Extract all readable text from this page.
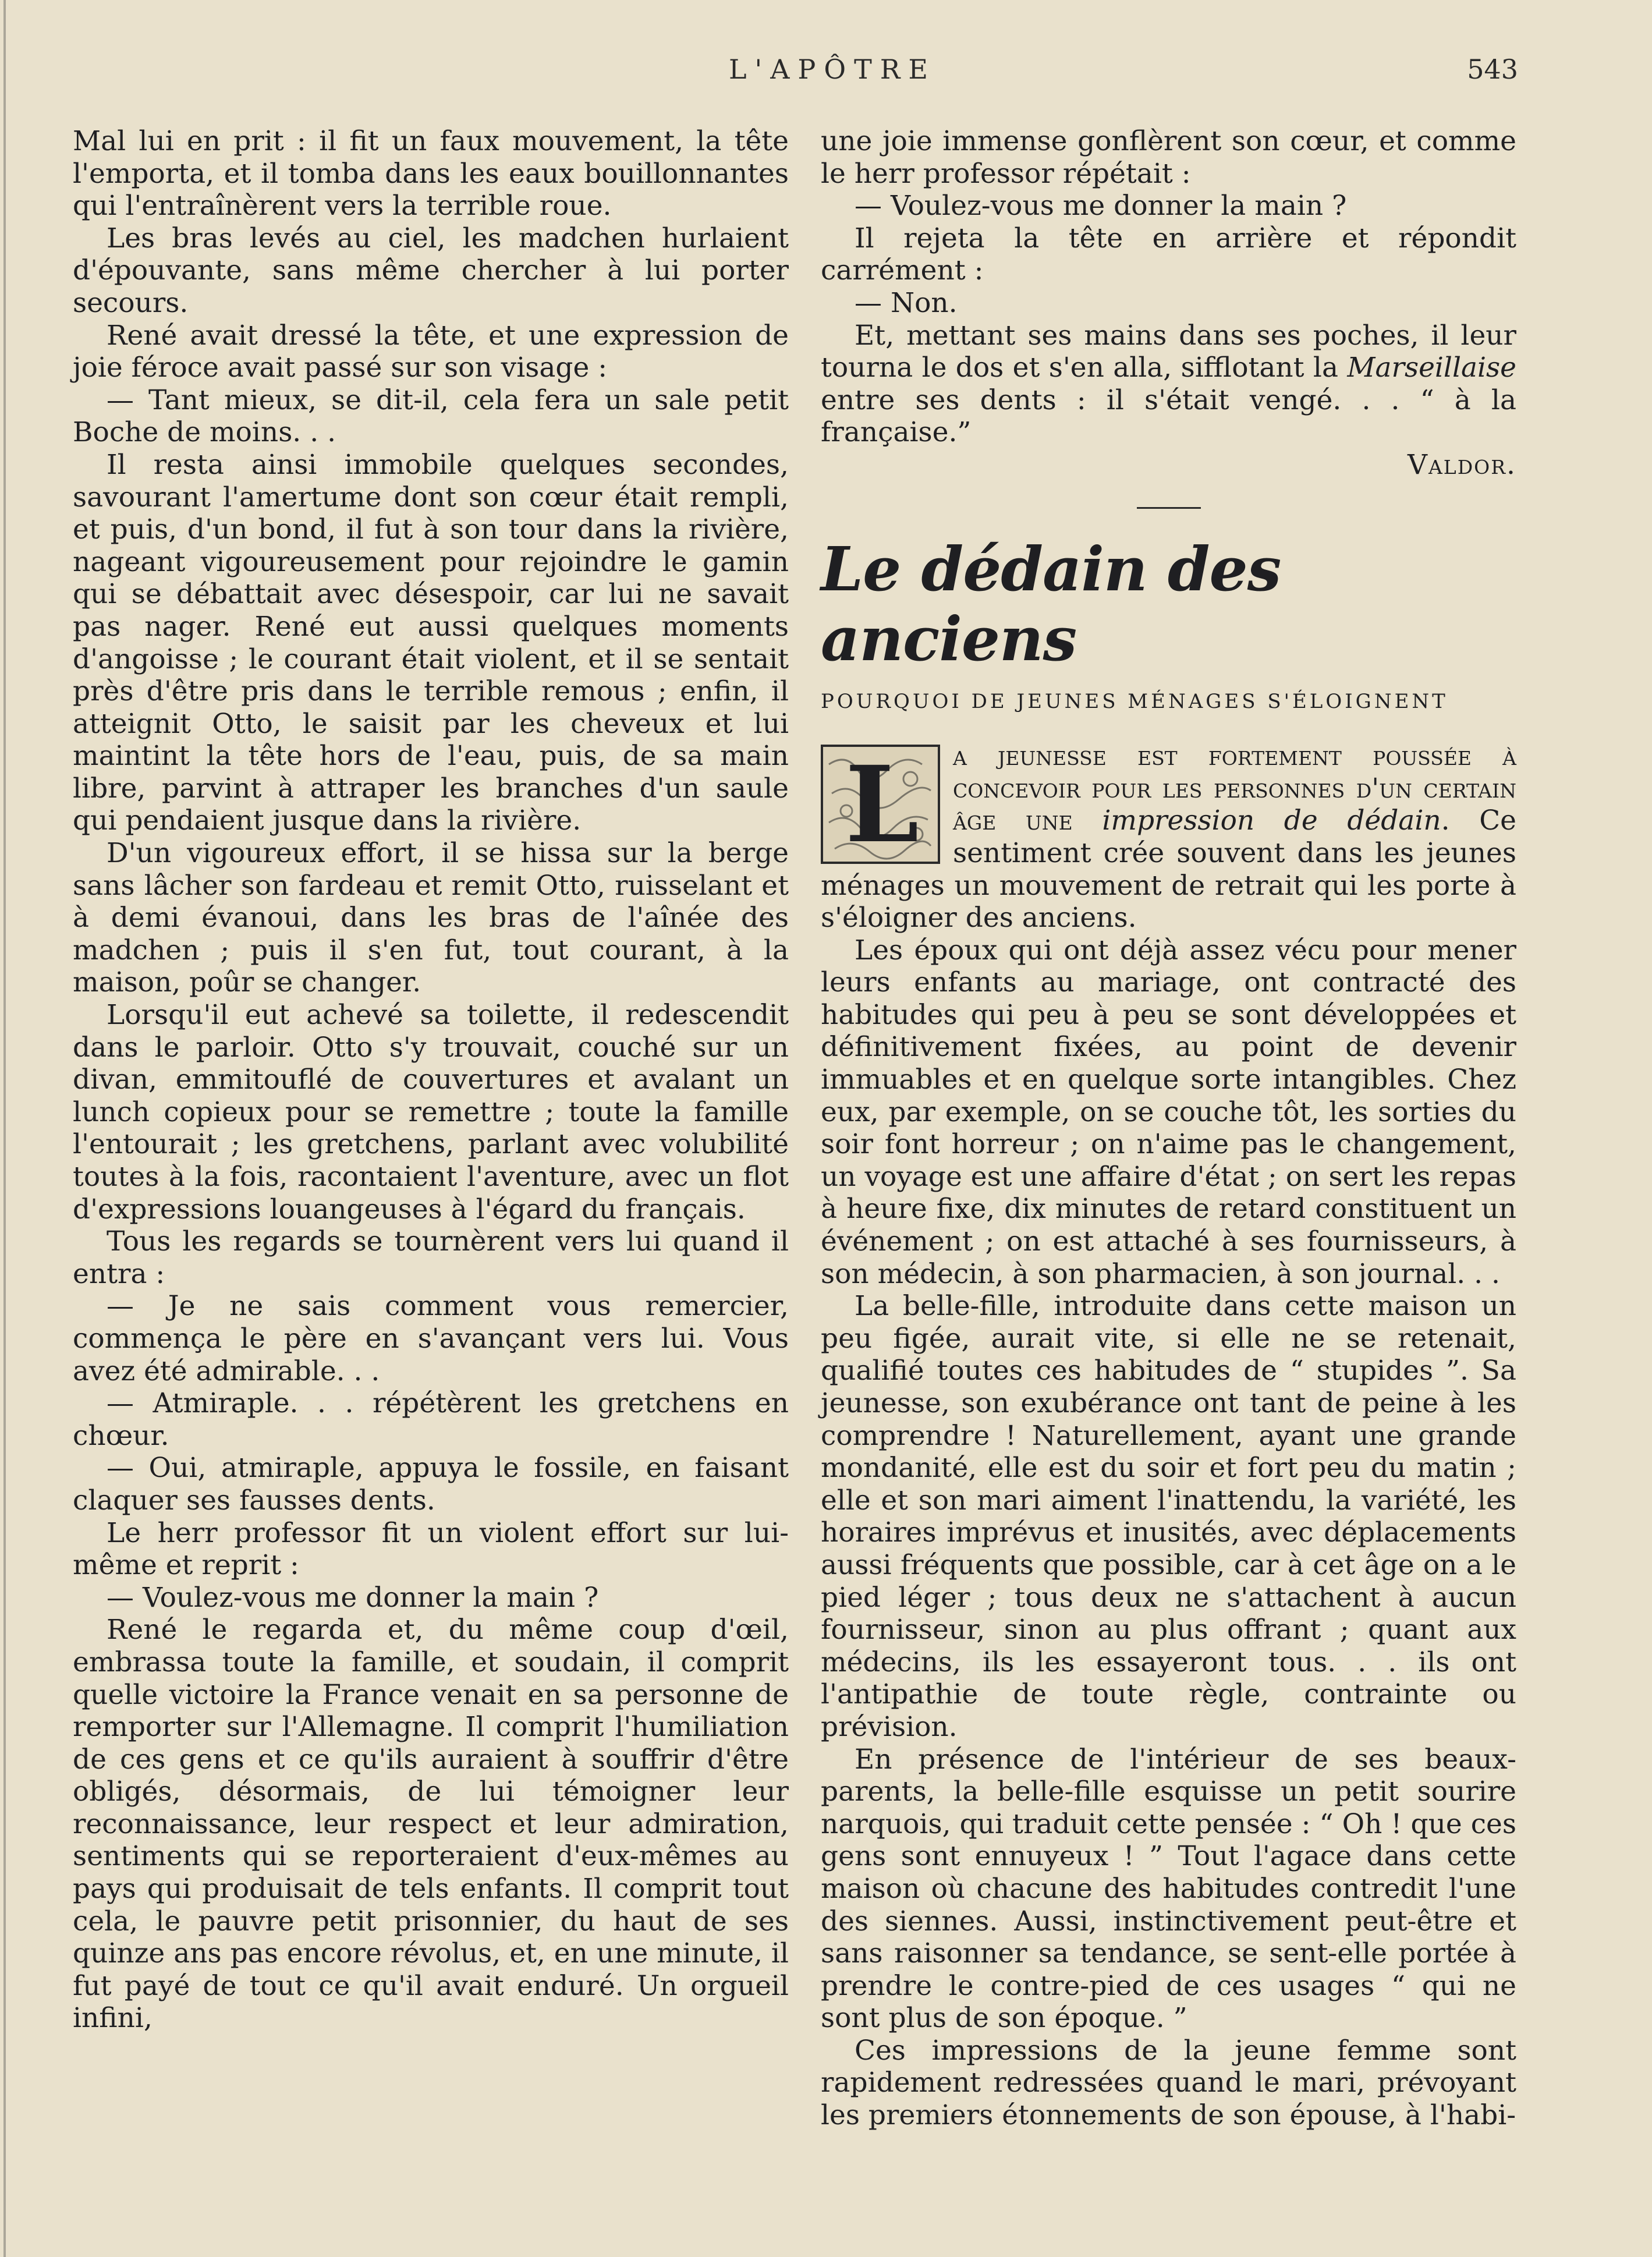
L'APÔTRE	543

Mal lui en prit : il fit un faux mouvement, la tête l'emporta, et il tomba dans les eaux bouillonnantes qui l'entraînèrent vers la terrible roue.

Les bras levés au ciel, les madchen hurlaient d'épouvante, sans même chercher à lui porter secours.

René avait dressé la tête, et une expression de joie féroce avait passé sur son visage :

— Tant mieux, se dit-il, cela fera un sale petit Boche de moins. . .

Il resta ainsi immobile quelques secondes, savourant l'amertume dont son cœur était rempli, et puis, d'un bond, il fut à son tour dans la rivière, nageant vigoureusement pour rejoindre le gamin qui se débattait avec désespoir, car lui ne savait pas nager. René eut aussi quelques moments d'angoisse ; le courant était violent, et il se sentait près d'être pris dans le terrible remous ; enfin, il atteignit Otto, le saisit par les cheveux et lui maintint la tête hors de l'eau, puis, de sa main libre, parvint à attraper les branches d'un saule qui pendaient jusque dans la rivière.

D'un vigoureux effort, il se hissa sur la berge sans lâcher son fardeau et remit Otto, ruisselant et à demi évanoui, dans les bras de l'aînée des madchen ; puis il s'en fut, tout courant, à la maison, poûr se changer.

Lorsqu'il eut achevé sa toilette, il redescendit dans le parloir. Otto s'y trouvait, couché sur un divan, emmitouflé de couvertures et avalant un lunch copieux pour se remettre ; toute la famille l'entourait ; les gretchens, parlant avec volubilité toutes à la fois, racontaient l'aventure, avec un flot d'expressions louangeuses à l'égard du français.

Tous les regards se tournèrent vers lui quand il entra :

— Je ne sais comment vous remercier, commença le père en s'avançant vers lui. Vous avez été admirable. . .

— Atmiraple. . . répétèrent les gretchens en chœur.

— Oui, atmiraple, appuya le fossile, en faisant claquer ses fausses dents.

Le herr professor fit un violent effort sur lui-même et reprit :

— Voulez-vous me donner la main ?

René le regarda et, du même coup d'œil, embrassa toute la famille, et soudain, il comprit quelle victoire la France venait en sa personne de remporter sur l'Allemagne. Il comprit l'humiliation de ces gens et ce qu'ils auraient à souffrir d'être obligés, désormais, de lui témoigner leur reconnaissance, leur respect et leur admiration, sentiments qui se reporteraient d'eux-mêmes au pays qui produisait de tels enfants. Il comprit tout cela, le pauvre petit prisonnier, du haut de ses quinze ans pas encore révolus, et, en une minute, il fut payé de tout ce qu'il avait enduré. Un orgueil infini,

une joie immense gonflèrent son cœur, et comme le herr professor répétait :

— Voulez-vous me donner la main ?

Il rejeta la tête en arrière et répondit carrément :

— Non.

Et, mettant ses mains dans ses poches, il leur tourna le dos et s'en alla, sifflotant la Marseillaise entre ses dents : il s'était vengé. . . “ à la française.”

Valdor.

Le dédain des anciens
POURQUOI DE JEUNES MÉNAGES S'ÉLOIGNENT
L	a jeunesse est fortement poussée à concevoir pour les personnes d'un certain âge une impression de dédain. Ce sentiment crée souvent dans les jeunes ménages un mouvement de retrait qui les porte à s'éloigner des anciens.

Les époux qui ont déjà assez vécu pour mener leurs enfants au mariage, ont contracté des habitudes qui peu à peu se sont développées et définitivement fixées, au point de devenir immuables et en quelque sorte intangibles. Chez eux, par exemple, on se couche tôt, les sorties du soir font horreur ; on n'aime pas le changement, un voyage est une affaire d'état ; on sert les repas à heure fixe, dix minutes de retard constituent un événement ; on est attaché à ses fournisseurs, à son médecin, à son pharmacien, à son journal. . .

La belle-fille, introduite dans cette maison un peu figée, aurait vite, si elle ne se retenait, qualifié toutes ces habitudes de “ stupides ”. Sa jeunesse, son exubérance ont tant de peine à les comprendre ! Naturellement, ayant une grande mondanité, elle est du soir et fort peu du matin ; elle et son mari aiment l'inattendu, la variété, les horaires imprévus et inusités, avec déplacements aussi fréquents que possible, car à cet âge on a le pied léger ; tous deux ne s'attachent à aucun fournisseur, sinon au plus offrant ; quant aux médecins, ils les essayeront tous. . . ils ont l'antipathie de toute règle, contrainte ou prévision.

En présence de l'intérieur de ses beaux-parents, la belle-fille esquisse un petit sourire narquois, qui traduit cette pensée : “ Oh ! que ces gens sont ennuyeux ! ” Tout l'agace dans cette maison où chacune des habitudes contredit l'une des siennes. Aussi, instinctivement peut-être et sans raisonner sa tendance, se sent-elle portée à prendre le contre-pied de ces usages “ qui ne sont plus de son époque. ”

Ces impressions de la jeune femme sont rapidement redressées quand le mari, prévoyant les premiers étonnements de son épouse, à l'habi-
